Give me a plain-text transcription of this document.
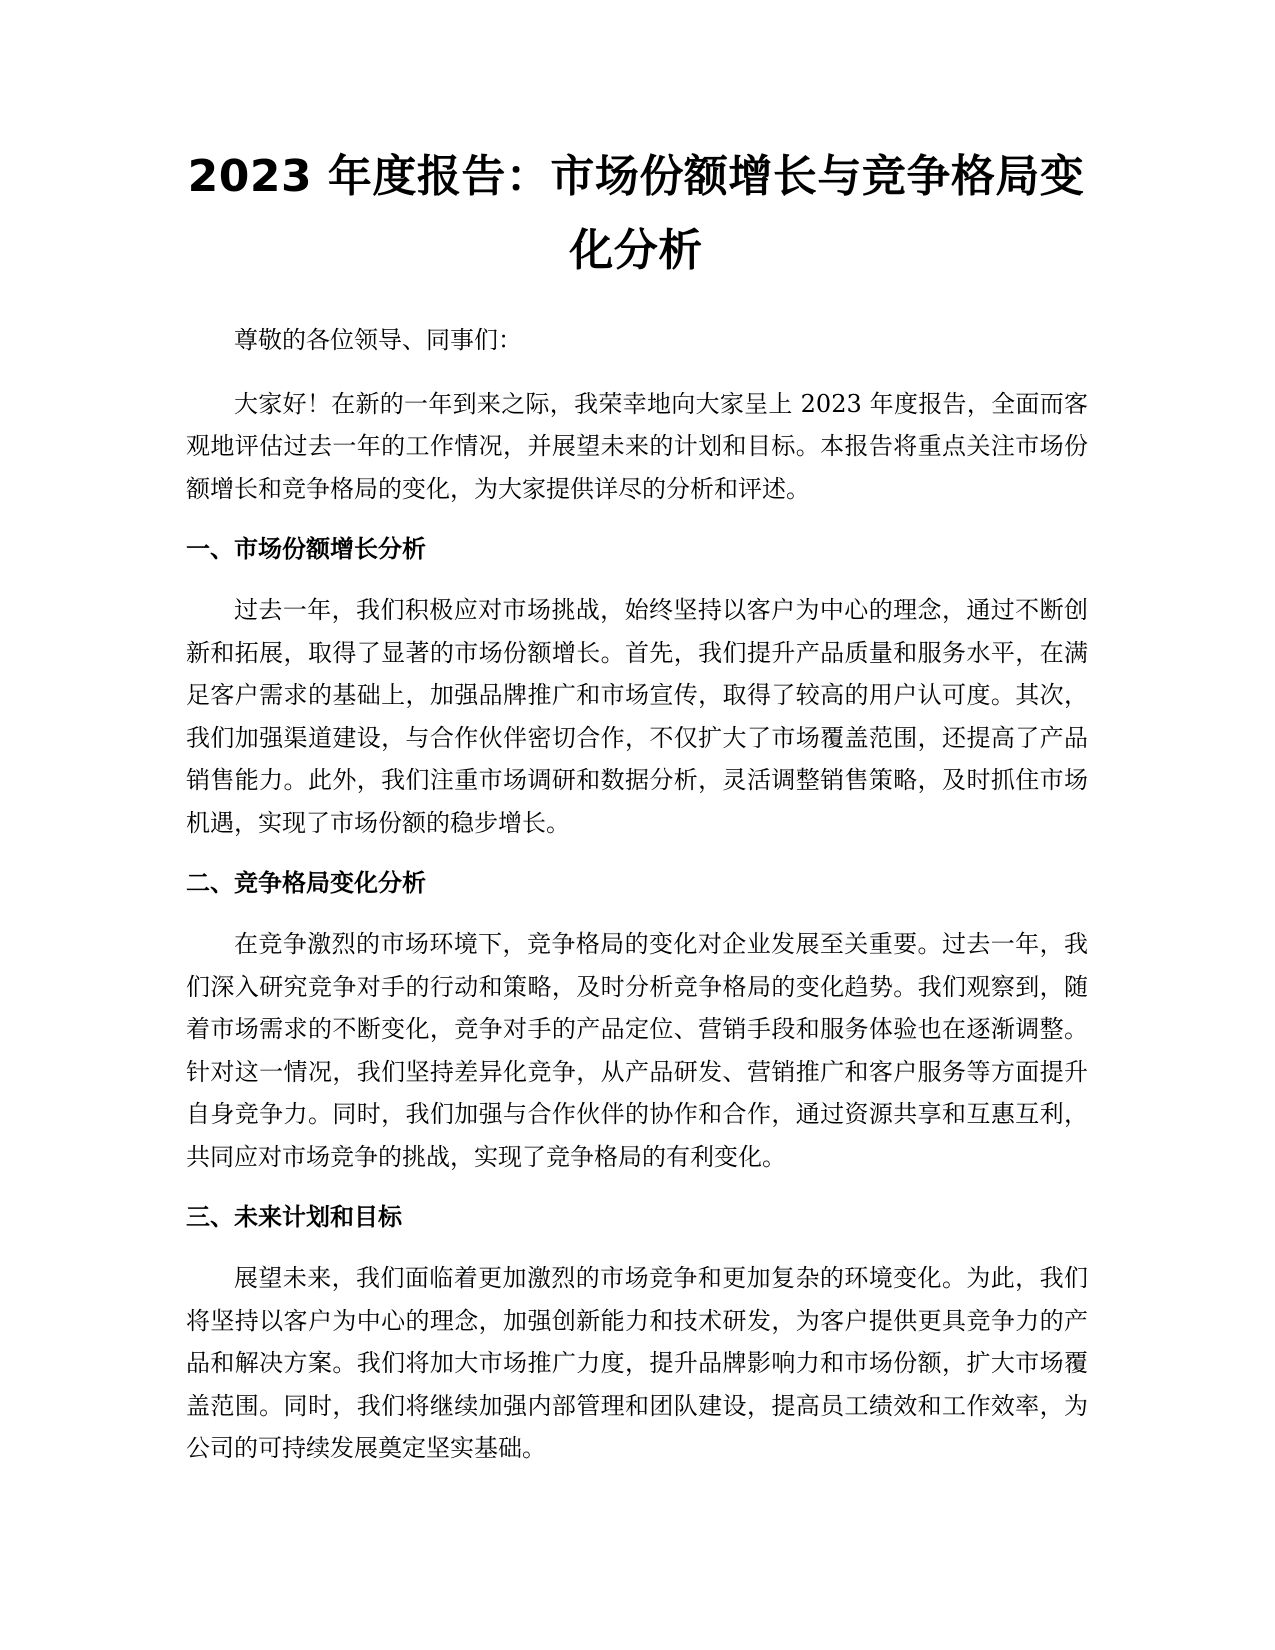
2023 年度报告：市场份额增长与竞争格局变化分析

尊敬的各位领导、同事们：

大家好！在新的一年到来之际，我荣幸地向大家呈上 2023 年度报告，全面而客观地评估过去一年的工作情况，并展望未来的计划和目标。本报告将重点关注市场份额增长和竞争格局的变化，为大家提供详尽的分析和评述。

一、市场份额增长分析

过去一年，我们积极应对市场挑战，始终坚持以客户为中心的理念，通过不断创新和拓展，取得了显著的市场份额增长。首先，我们提升产品质量和服务水平，在满足客户需求的基础上，加强品牌推广和市场宣传，取得了较高的用户认可度。其次，我们加强渠道建设，与合作伙伴密切合作，不仅扩大了市场覆盖范围，还提高了产品销售能力。此外，我们注重市场调研和数据分析，灵活调整销售策略，及时抓住市场机遇，实现了市场份额的稳步增长。

二、竞争格局变化分析

在竞争激烈的市场环境下，竞争格局的变化对企业发展至关重要。过去一年，我们深入研究竞争对手的行动和策略，及时分析竞争格局的变化趋势。我们观察到，随着市场需求的不断变化，竞争对手的产品定位、营销手段和服务体验也在逐渐调整。针对这一情况，我们坚持差异化竞争，从产品研发、营销推广和客户服务等方面提升自身竞争力。同时，我们加强与合作伙伴的协作和合作，通过资源共享和互惠互利，共同应对市场竞争的挑战，实现了竞争格局的有利变化。

三、未来计划和目标

展望未来，我们面临着更加激烈的市场竞争和更加复杂的环境变化。为此，我们将坚持以客户为中心的理念，加强创新能力和技术研发，为客户提供更具竞争力的产品和解决方案。我们将加大市场推广力度，提升品牌影响力和市场份额，扩大市场覆盖范围。同时，我们将继续加强内部管理和团队建设，提高员工绩效和工作效率，为公司的可持续发展奠定坚实基础。
